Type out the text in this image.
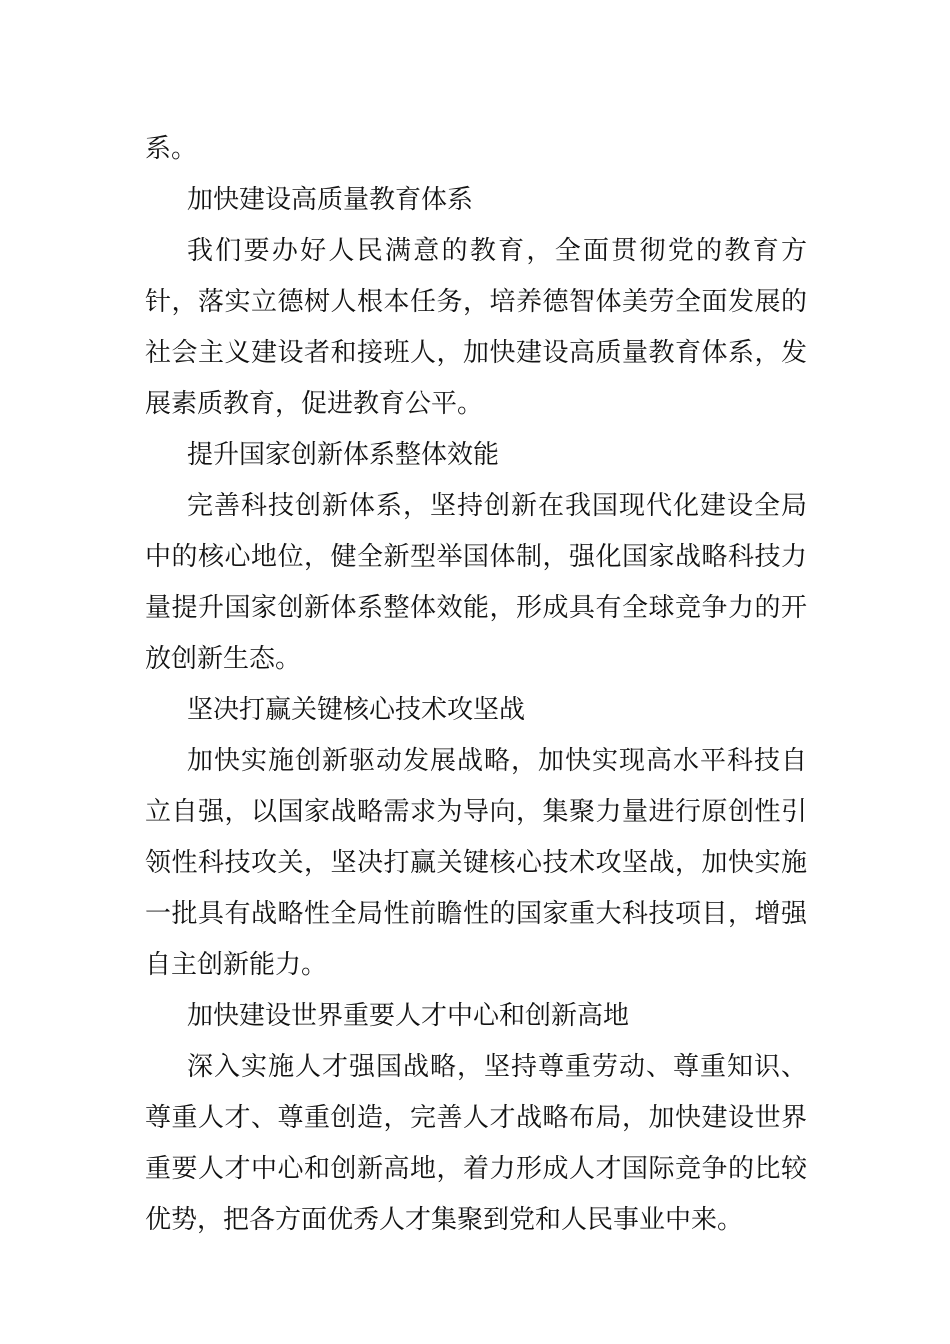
系。

加快建设高质量教育体系

我们要办好人民满意的教育，全面贯彻党的教育方针，落实立德树人根本任务，培养德智体美劳全面发展的社会主义建设者和接班人，加快建设高质量教育体系，发展素质教育，促进教育公平。

提升国家创新体系整体效能

完善科技创新体系，坚持创新在我国现代化建设全局中的核心地位，健全新型举国体制，强化国家战略科技力量提升国家创新体系整体效能，形成具有全球竞争力的开放创新生态。

坚决打赢关键核心技术攻坚战

加快实施创新驱动发展战略，加快实现高水平科技自立自强，以国家战略需求为导向，集聚力量进行原创性引领性科技攻关，坚决打赢关键核心技术攻坚战，加快实施一批具有战略性全局性前瞻性的国家重大科技项目，增强自主创新能力。

加快建设世界重要人才中心和创新高地

深入实施人才强国战略，坚持尊重劳动、尊重知识、尊重人才、尊重创造，完善人才战略布局，加快建设世界重要人才中心和创新高地，着力形成人才国际竞争的比较优势，把各方面优秀人才集聚到党和人民事业中来。
